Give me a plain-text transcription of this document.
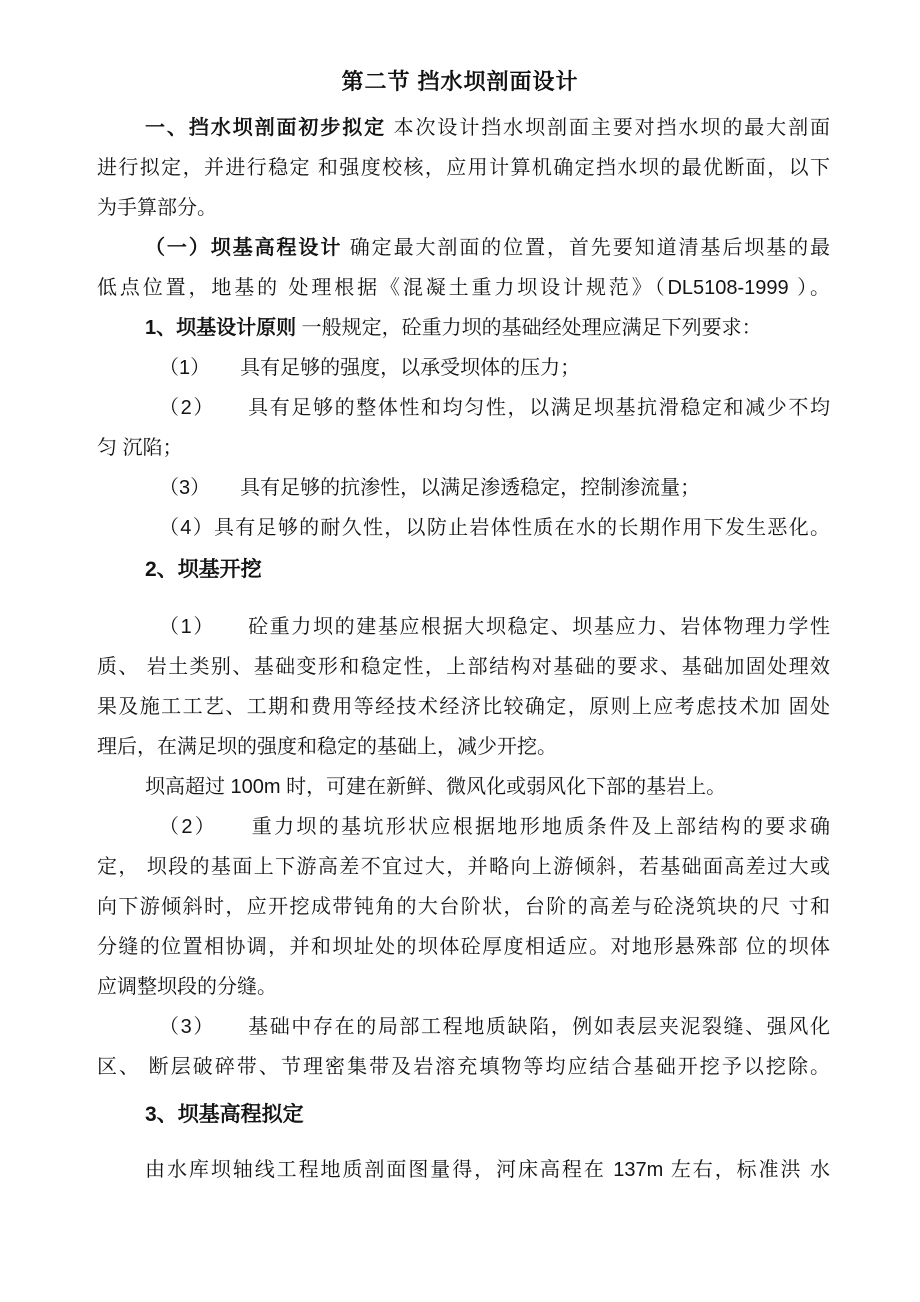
第二节 挡水坝剖面设计
一、挡水坝剖面初步拟定 本次设计挡水坝剖面主要对挡水坝的最大剖面
进行拟定，并进行稳定 和强度校核，应用计算机确定挡水坝的最优断面，以下
为手算部分。
（一）坝基高程设计 确定最大剖面的位置，首先要知道清基后坝基的最
低点位置，地基的 处理根据《混凝土重力坝设计规范》（DL5108-1999 ）。
1、坝基设计原则 一般规定，砼重力坝的基础经处理应满足下列要求：
（1）　　具有足够的强度，以承受坝体的压力；
（2）　　具有足够的整体性和均匀性，以满足坝基抗滑稳定和减少不均
匀 沉陷；
（3）　　具有足够的抗渗性，以满足渗透稳定，控制渗流量；
（4）具有足够的耐久性，以防止岩体性质在水的长期作用下发生恶化。
2、坝基开挖
（1）　　砼重力坝的建基应根据大坝稳定、坝基应力、岩体物理力学性
质、 岩土类别、基础变形和稳定性，上部结构对基础的要求、基础加固处理效
果及施工工艺、工期和费用等经技术经济比较确定，原则上应考虑技术加 固处
理后，在满足坝的强度和稳定的基础上，减少开挖。
坝高超过 100m 时，可建在新鲜、微风化或弱风化下部的基岩上。
（2）　　重力坝的基坑形状应根据地形地质条件及上部结构的要求确
定， 坝段的基面上下游高差不宜过大，并略向上游倾斜，若基础面高差过大或
向下游倾斜时，应开挖成带钝角的大台阶状，台阶的高差与砼浇筑块的尺 寸和
分缝的位置相协调，并和坝址处的坝体砼厚度相适应。对地形悬殊部 位的坝体
应调整坝段的分缝。
（3）　　基础中存在的局部工程地质缺陷，例如表层夹泥裂缝、强风化
区、 断层破碎带、节理密集带及岩溶充填物等均应结合基础开挖予以挖除。
3、坝基高程拟定
由水库坝轴线工程地质剖面图量得，河床高程在 137m 左右，标准洪 水
